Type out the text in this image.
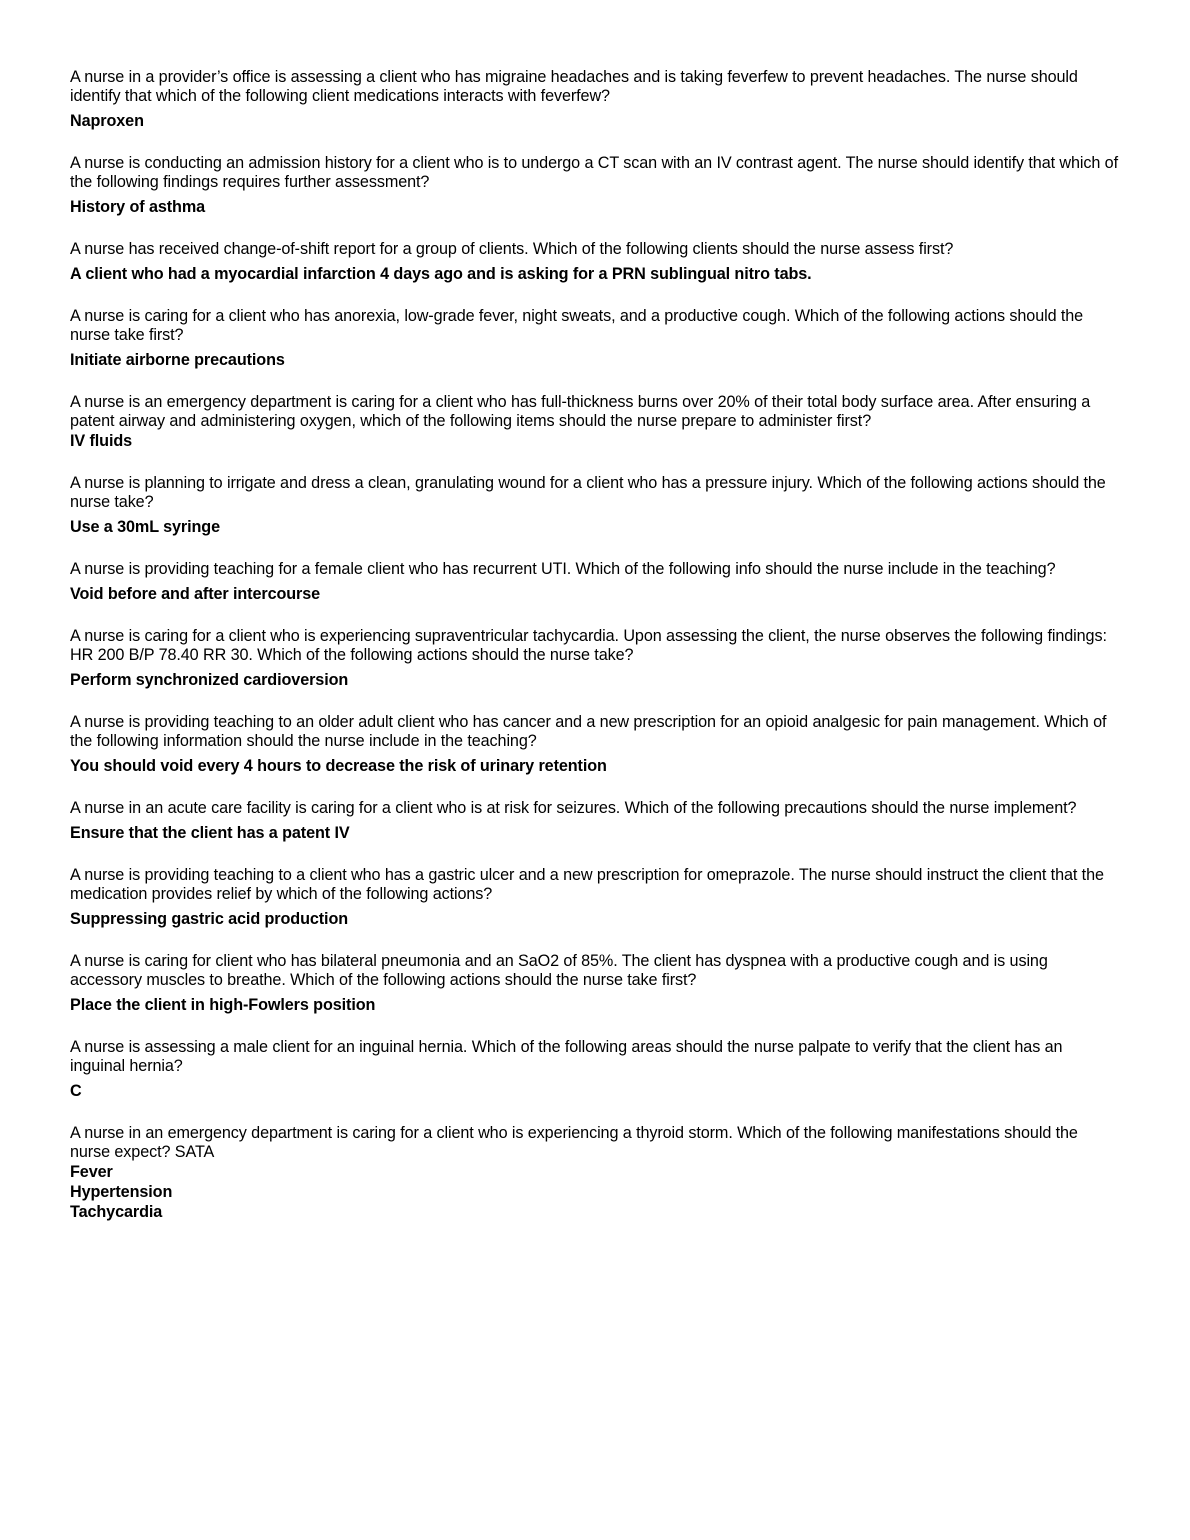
A nurse in a provider’s office is assessing a client who has migraine headaches and is taking feverfew to prevent headaches. The nurse should identify that which of the following client medications interacts with feverfew?

Naproxen

A nurse is conducting an admission history for a client who is to undergo a CT scan with an IV contrast agent. The nurse should identify that which of the following findings requires further assessment?

History of asthma

A nurse has received change-of-shift report for a group of clients. Which of the following clients should the nurse assess first?

A client who had a myocardial infarction 4 days ago and is asking for a PRN sublingual nitro tabs.

A nurse is caring for a client who has anorexia, low-grade fever, night sweats, and a productive cough. Which of the following actions should the nurse take first?

Initiate airborne precautions

A nurse is an emergency department is caring for a client who has full-thickness burns over 20% of their total body surface area. After ensuring a patent airway and administering oxygen, which of the following items should the nurse prepare to administer first?

IV fluids

A nurse is planning to irrigate and dress a clean, granulating wound for a client who has a pressure injury. Which of the following actions should the nurse take?

Use a 30mL syringe

A nurse is providing teaching for a female client who has recurrent UTI. Which of the following info should the nurse include in the teaching?

Void before and after intercourse

A nurse is caring for a client who is experiencing supraventricular tachycardia. Upon assessing the client, the nurse observes the following findings: HR 200 B/P 78.40 RR 30. Which of the following actions should the nurse take?

Perform synchronized cardioversion

A nurse is providing teaching to an older adult client who has cancer and a new prescription for an opioid analgesic for pain management. Which of the following information should the nurse include in the teaching?

You should void every 4 hours to decrease the risk of urinary retention

A nurse in an acute care facility is caring for a client who is at risk for seizures. Which of the following precautions should the nurse implement?

Ensure that the client has a patent IV

A nurse is providing teaching to a client who has a gastric ulcer and a new prescription for omeprazole. The nurse should instruct the client that the medication provides relief by which of the following actions?

Suppressing gastric acid production

A nurse is caring for client who has bilateral pneumonia and an SaO2 of 85%. The client has dyspnea with a productive cough and is using accessory muscles to breathe. Which of the following actions should the nurse take first?

Place the client in high-Fowlers position

A nurse is assessing a male client for an inguinal hernia. Which of the following areas should the nurse palpate to verify that the client has an inguinal hernia?

C

A nurse in an emergency department is caring for a client who is experiencing a thyroid storm. Which of the following manifestations should the nurse expect? SATA

Fever

Hypertension

Tachycardia
